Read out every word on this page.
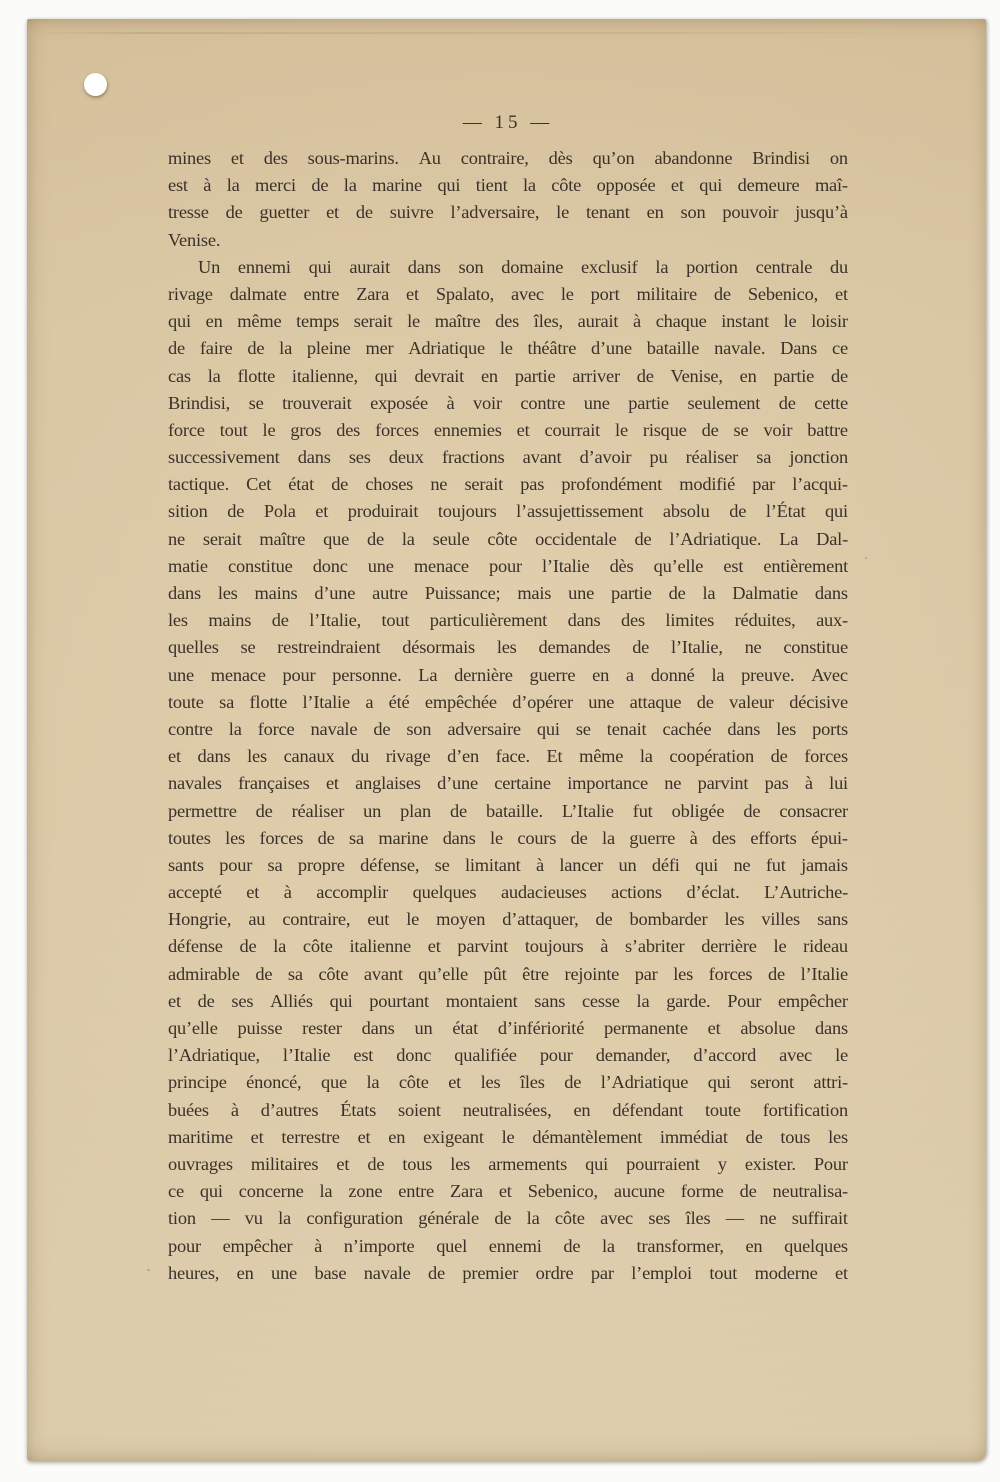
— 15 —
mines et des sous-marins. Au contraire, dès qu’on abandonne Brindisi on
est à la merci de la marine qui tient la côte opposée et qui demeure maî-
tresse de guetter et de suivre l’adversaire, le tenant en son pouvoir jusqu’à
Venise.
Un ennemi qui aurait dans son domaine exclusif la portion centrale du
rivage dalmate entre Zara et Spalato, avec le port militaire de Sebenico, et
qui en même temps serait le maître des îles, aurait à chaque instant le loisir
de faire de la pleine mer Adriatique le théâtre d’une bataille navale. Dans ce
cas la flotte italienne, qui devrait en partie arriver de Venise, en partie de
Brindisi, se trouverait exposée à voir contre une partie seulement de cette
force tout le gros des forces ennemies et courrait le risque de se voir battre
successivement dans ses deux fractions avant d’avoir pu réaliser sa jonction
tactique. Cet état de choses ne serait pas profondément modifié par l’acqui-
sition de Pola et produirait toujours l’assujettissement absolu de l’État qui
ne serait maître que de la seule côte occidentale de l’Adriatique. La Dal-
matie constitue donc une menace pour l’Italie dès qu’elle est entièrement
dans les mains d’une autre Puissance; mais une partie de la Dalmatie dans
les mains de l’Italie, tout particulièrement dans des limites réduites, aux-
quelles se restreindraient désormais les demandes de l’Italie, ne constitue
une menace pour personne. La dernière guerre en a donné la preuve. Avec
toute sa flotte l’Italie a été empêchée d’opérer une attaque de valeur décisive
contre la force navale de son adversaire qui se tenait cachée dans les ports
et dans les canaux du rivage d’en face. Et même la coopération de forces
navales françaises et anglaises d’une certaine importance ne parvint pas à lui
permettre de réaliser un plan de bataille. L’Italie fut obligée de consacrer
toutes les forces de sa marine dans le cours de la guerre à des efforts épui-
sants pour sa propre défense, se limitant à lancer un défi qui ne fut jamais
accepté et à accomplir quelques audacieuses actions d’éclat. L’Autriche-
Hongrie, au contraire, eut le moyen d’attaquer, de bombarder les villes sans
défense de la côte italienne et parvint toujours à s’abriter derrière le rideau
admirable de sa côte avant qu’elle pût être rejointe par les forces de l’Italie
et de ses Alliés qui pourtant montaient sans cesse la garde. Pour empêcher
qu’elle puisse rester dans un état d’infériorité permanente et absolue dans
l’Adriatique, l’Italie est donc qualifiée pour demander, d’accord avec le
principe énoncé, que la côte et les îles de l’Adriatique qui seront attri-
buées à d’autres États soient neutralisées, en défendant toute fortification
maritime et terrestre et en exigeant le démantèlement immédiat de tous les
ouvrages militaires et de tous les armements qui pourraient y exister. Pour
ce qui concerne la zone entre Zara et Sebenico, aucune forme de neutralisa-
tion — vu la configuration générale de la côte avec ses îles — ne suffirait
pour empêcher à n’importe quel ennemi de la transformer, en quelques
heures, en une base navale de premier ordre par l’emploi tout moderne et
